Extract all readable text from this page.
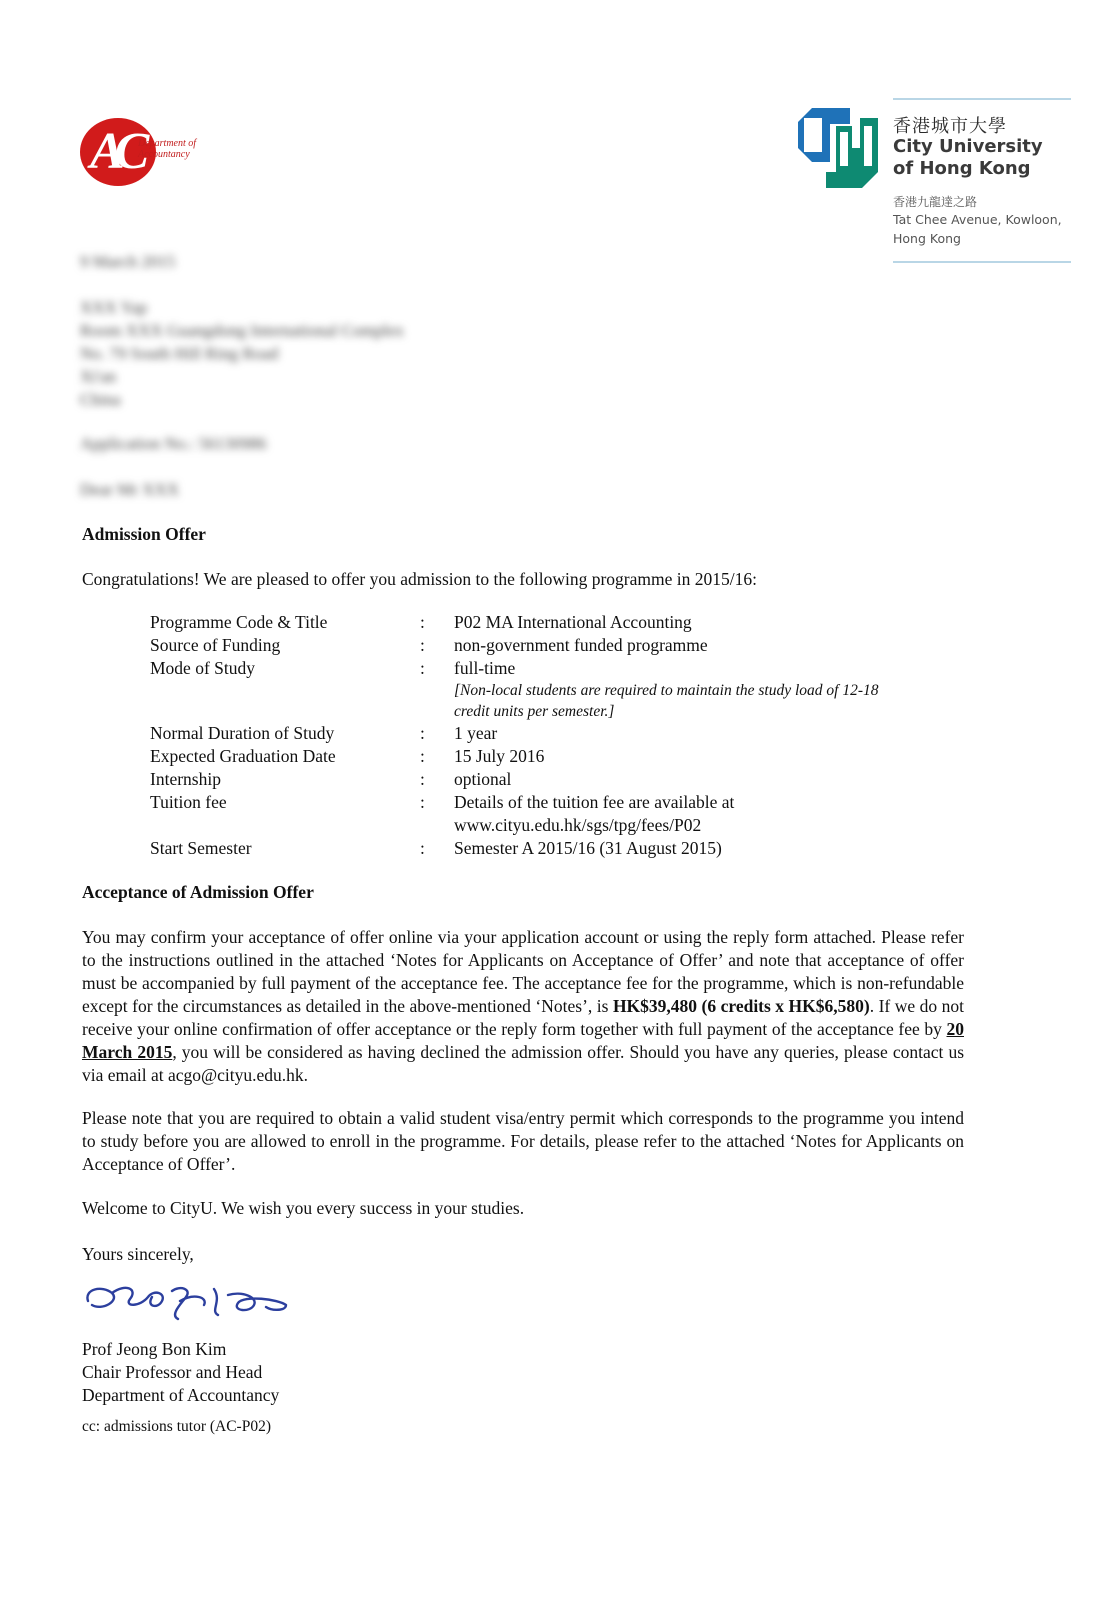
AC
Department of
Accountancy
香港城市大學
City University
of Hong Kong
香港九龍達之路
Tat Chee Avenue, Kowloon,
Hong Kong
9 March 2015
XXX Yap
Room XXX Guangdong International Complex
No. 79 South Hill Ring Road
Xi'an
China
Application No.: 56130986
Dear Mr XXX
Admission Offer
Congratulations! We are pleased to offer you admission to the following programme in 2015/16:
Programme Code & Title	:	P02 MA International Accounting
Source of Funding	:	non-government funded programme
Mode of Study	:	full-time
[Non-local students are required to maintain the study load of 12-18
credit units per semester.]
Normal Duration of Study	:	1 year
Expected Graduation Date	:	15 July 2016
Internship	:	optional
Tuition fee	:	Details of the tuition fee are available at
www.cityu.edu.hk/sgs/tpg/fees/P02
Start Semester	:	Semester A 2015/16 (31 August 2015)
Acceptance of Admission Offer
You may confirm your acceptance of offer online via your application account or using the reply form attached. Please refer to the instructions outlined in the attached ‘Notes for Applicants on Acceptance of Offer’ and note that acceptance of offer must be accompanied by full payment of the acceptance fee. The acceptance fee for the programme, which is non-refundable except for the circumstances as detailed in the above-mentioned ‘Notes’, is HK$39,480 (6 credits x HK$6,580). If we do not receive your online confirmation of offer acceptance or the reply form together with full payment of the acceptance fee by 20 March 2015, you will be considered as having declined the admission offer. Should you have any queries, please contact us via email at acgo@cityu.edu.hk.
Please note that you are required to obtain a valid student visa/entry permit which corresponds to the programme you intend to study before you are allowed to enroll in the programme. For details, please refer to the attached ‘Notes for Applicants on Acceptance of Offer’.
Welcome to CityU. We wish you every success in your studies.
Yours sincerely,
Prof Jeong Bon Kim
Chair Professor and Head
Department of Accountancy
cc: admissions tutor (AC-P02)
